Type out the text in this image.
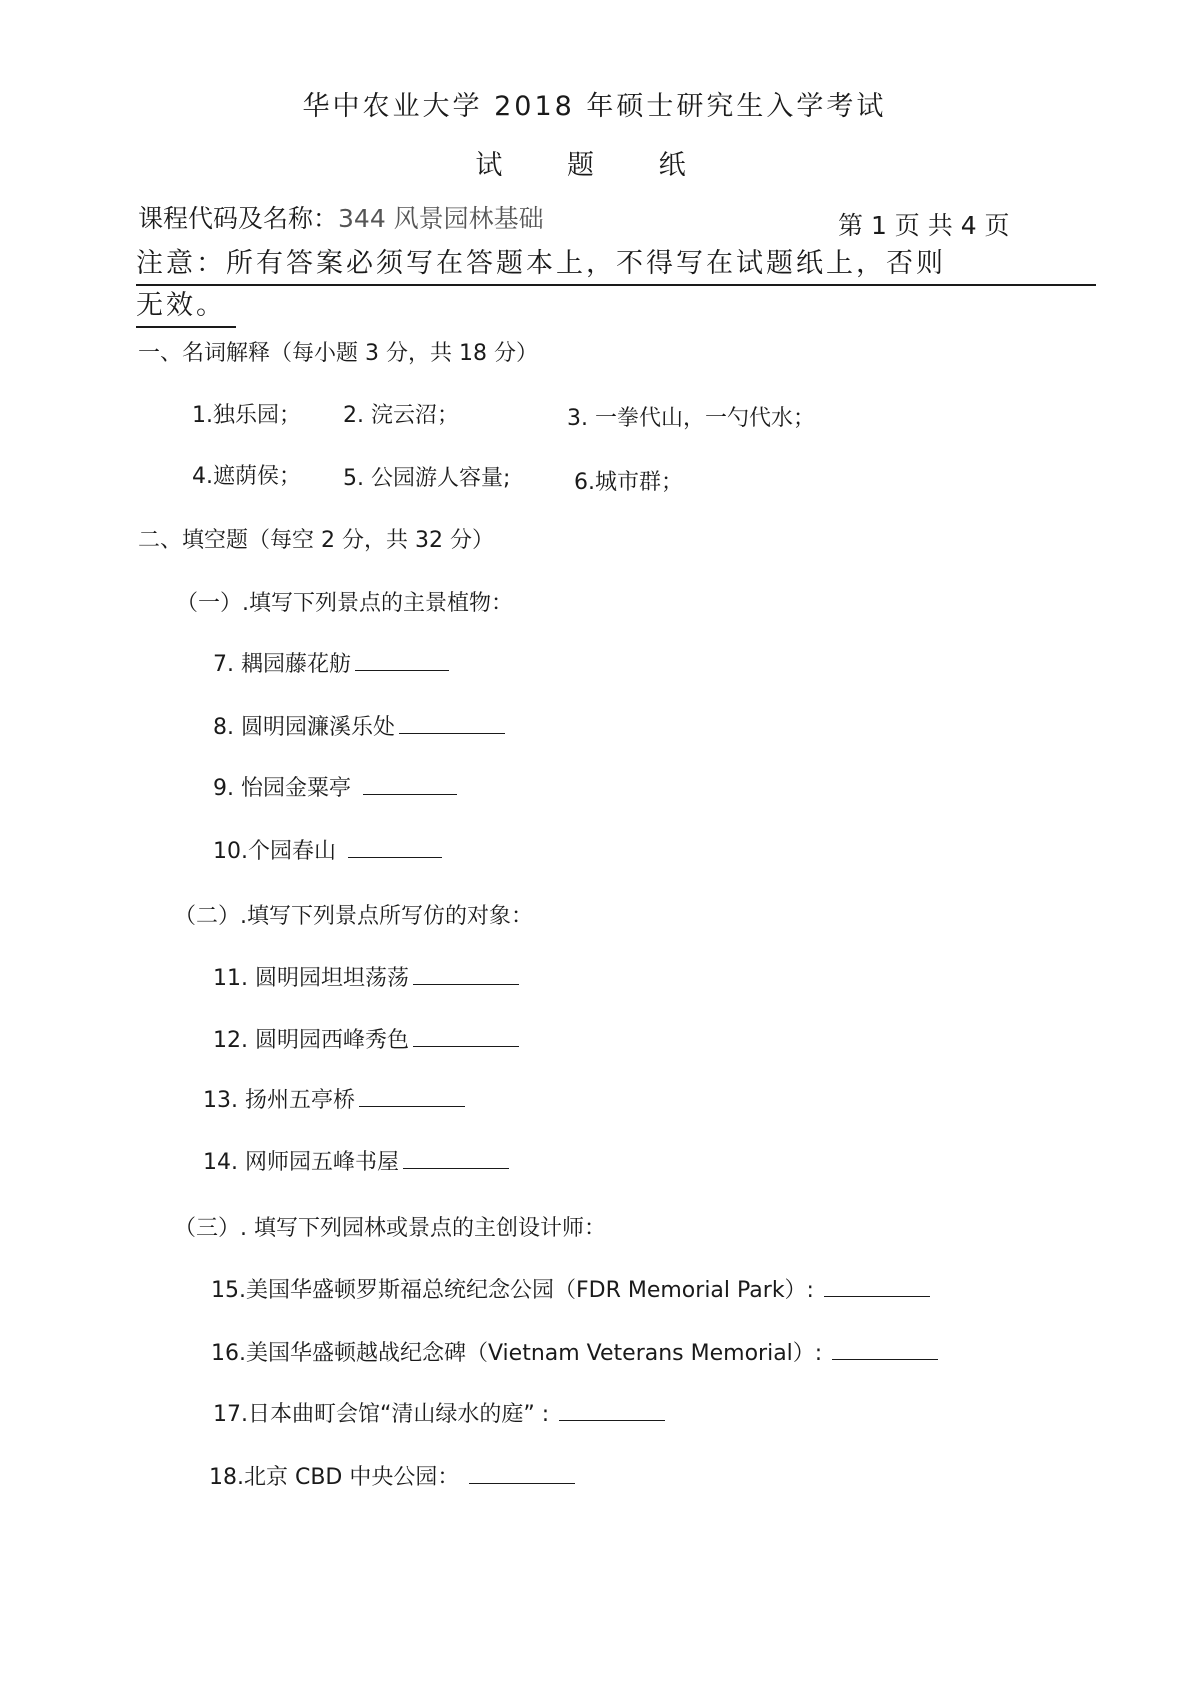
华中农业大学 2018 年硕士研究生入学考试
试 题 纸
课程代码及名称：344 风景园林基础	第 1 页 共 4 页
注意：所有答案必须写在答题本上，不得写在试题纸上，否则
无效。
一、名词解释（每小题 3 分，共 18 分）
1.独乐园； 2. 浣云沼；	3. 一拳代山，一勺代水；
4.遮荫侯； 5. 公园游人容量;	6.城市群；
二、填空题（每空 2 分，共 32 分）
（一）.填写下列景点的主景植物：
7. 耦园藤花舫
8. 圆明园濂溪乐处
9. 怡园金粟亭
10.个园春山
（二）.填写下列景点所写仿的对象：
11. 圆明园坦坦荡荡
12. 圆明园西峰秀色
13. 扬州五亭桥
14. 网师园五峰书屋
（三）. 填写下列园林或景点的主创设计师：
15.美国华盛顿罗斯福总统纪念公园（FDR Memorial Park）:
16.美国华盛顿越战纪念碑（Vietnam Veterans Memorial）:
17.日本曲町会馆“清山绿水的庭” :
18.北京 CBD 中央公园：
